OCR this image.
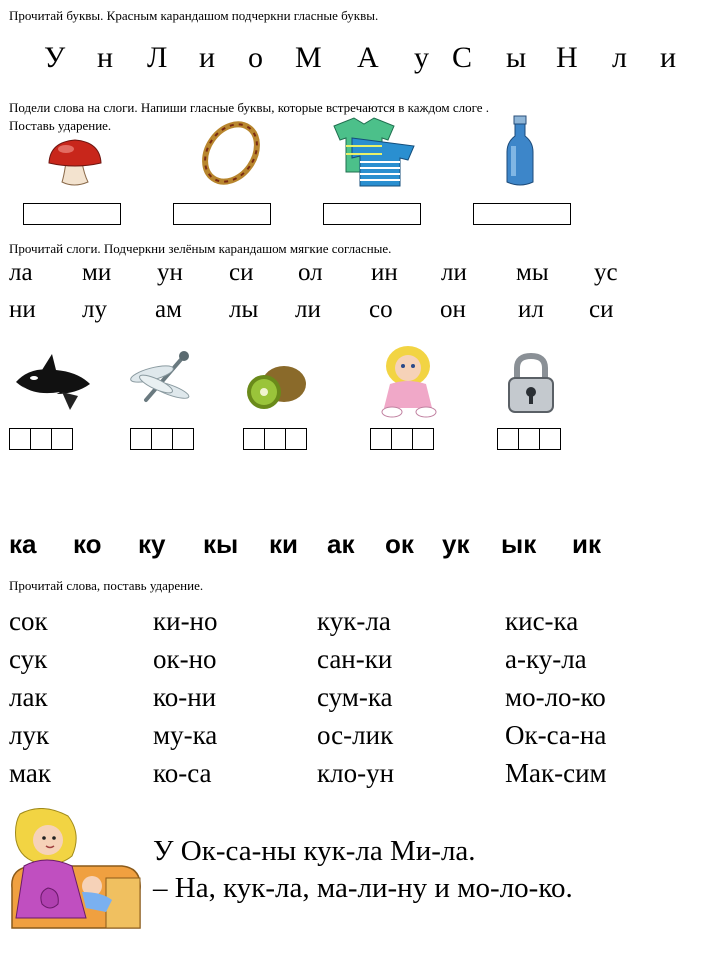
Прочитай буквы. Красным карандашом подчеркни гласные буквы.
У н Л и о М А у С ы Н л и
Подели слова на слоги. Напиши гласные буквы, которые встречаются в каждом слоге .
Поставь ударение.
Прочитай слоги. Подчеркни зелёным карандашом мягкие согласные.
ла ми ун си ол ин ли мы ус
ни лу ам лы ли со он ил си
ка ко ку кы ки ак ок ук ык ик
Прочитай слова, поставь ударение.
сок
сук
лак
лук
мак
ки-но
ок-но
ко-ни
му-ка
ко-са
кук-ла
сан-ки
сум-ка
ос-лик
кло-ун
кис-ка
а-ку-ла
мо-ло-ко
Ок-са-на
Мак-сим
У Ок-са-ны кук-ла Ми-ла.
– На, кук-ла, ма-ли-ну и мо-ло-ко.
